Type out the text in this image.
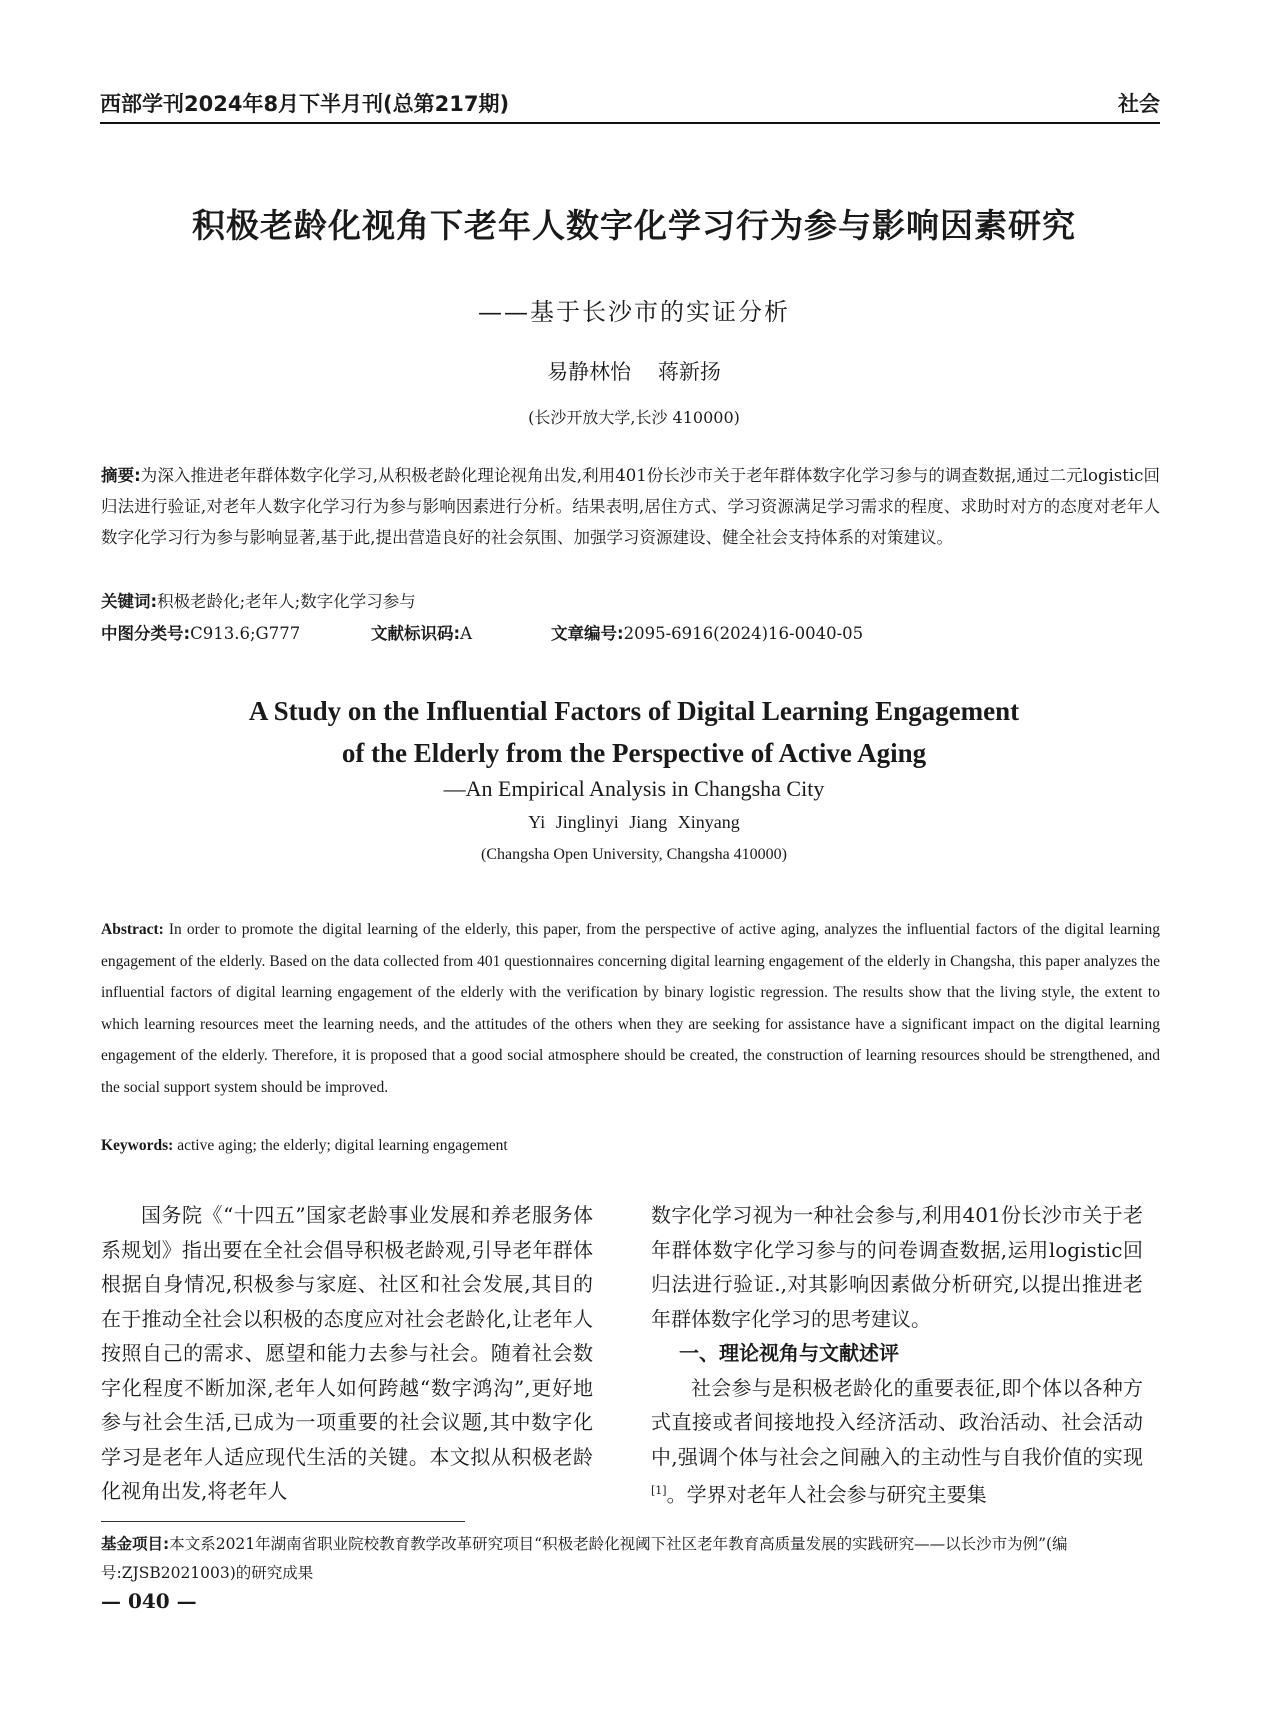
西部学刊2024年8月下半月刊(总第217期)	社会
积极老龄化视角下老年人数字化学习行为参与影响因素研究
——基于长沙市的实证分析
易静林怡 蒋新扬
(长沙开放大学,长沙 410000)
摘要:为深入推进老年群体数字化学习,从积极老龄化理论视角出发,利用401份长沙市关于老年群体数字化学习参与的调查数据,通过二元logistic回归法进行验证,对老年人数字化学习行为参与影响因素进行分析。结果表明,居住方式、学习资源满足学习需求的程度、求助时对方的态度对老年人数字化学习行为参与影响显著,基于此,提出营造良好的社会氛围、加强学习资源建设、健全社会支持体系的对策建议。
关键词:积极老龄化;老年人;数字化学习参与
中图分类号:C913.6;G777	文献标识码:A	文章编号:2095-6916(2024)16-0040-05
A Study on the Influential Factors of Digital Learning Engagement
of the Elderly from the Perspective of Active Aging
—An Empirical Analysis in Changsha City
Yi Jinglinyi Jiang Xinyang
(Changsha Open University, Changsha 410000)
Abstract: In order to promote the digital learning of the elderly, this paper, from the perspective of active aging, analyzes the influential factors of the digital learning engagement of the elderly. Based on the data collected from 401 questionnaires concerning digital learning engagement of the elderly in Changsha, this paper analyzes the influential factors of digital learning engagement of the elderly with the verification by binary logistic regression. The results show that the living style, the extent to which learning resources meet the learning needs, and the attitudes of the others when they are seeking for assistance have a significant impact on the digital learning engagement of the elderly. Therefore, it is proposed that a good social atmosphere should be created, the construction of learning resources should be strengthened, and the social support system should be improved.
Keywords: active aging; the elderly; digital learning engagement

国务院《“十四五”国家老龄事业发展和养老服务体系规划》指出要在全社会倡导积极老龄观,引导老年群体根据自身情况,积极参与家庭、社区和社会发展,其目的在于推动全社会以积极的态度应对社会老龄化,让老年人按照自己的需求、愿望和能力去参与社会。随着社会数字化程度不断加深,老年人如何跨越“数字鸿沟”,更好地参与社会生活,已成为一项重要的社会议题,其中数字化学习是老年人适应现代生活的关键。本文拟从积极老龄化视角出发,将老年人

数字化学习视为一种社会参与,利用401份长沙市关于老年群体数字化学习参与的问卷调查数据,运用logistic回归法进行验证.,对其影响因素做分析研究,以提出推进老年群体数字化学习的思考建议。

一、理论视角与文献述评

社会参与是积极老龄化的重要表征,即个体以各种方式直接或者间接地投入经济活动、政治活动、社会活动中,强调个体与社会之间融入的主动性与自我价值的实现[1]。学界对老年人社会参与研究主要集

基金项目:本文系2021年湖南省职业院校教育教学改革研究项目“积极老龄化视阈下社区老年教育高质量发展的实践研究——以长沙市为例”(编号:ZJSB2021003)的研究成果
— 040 —
